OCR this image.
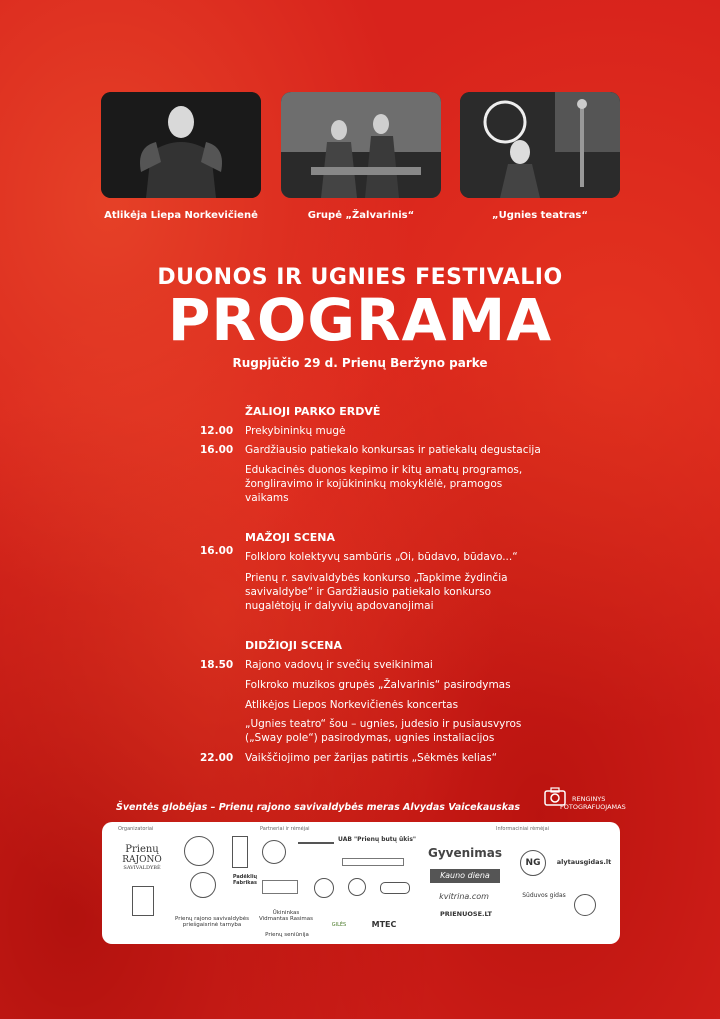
Atlikėja Liepa Norkevičienė	Grupė „Žalvarinis“	„Ugnies teatras“
DUONOS IR UGNIES FESTIVALIO
PROGRAMA
Rugpjūčio 29 d. Prienų Beržyno parke
ŽALIOJI PARKO ERDVĖ
12.00 Prekybininkų mugė
16.00 Gardžiausio patiekalo konkursas ir patiekalų degustacija
Edukacinės duonos kepimo ir kitų amatų programos, žongliravimo ir kojūkininkų mokyklėlė, pramogos vaikams
MAŽOJI SCENA
16.00 Folkloro kolektyvų sambūris „Oi, būdavo, būdavo...“
Prienų r. savivaldybės konkurso „Tapkime žydinčia savivaldybe“ ir Gardžiausio patiekalo konkurso nugalėtojų ir dalyvių apdovanojimai
DIDŽIOJI SCENA
18.50 Rajono vadovų ir svečių sveikinimai
Folkroko muzikos grupės „Žalvarinis“ pasirodymas
Atlikėjos Liepos Norkevičienės koncertas
„Ugnies teatro“ šou – ugnies, judesio ir pusiausvyros („Sway pole“) pasirodymas, ugnies instaliacijos
22.00 Vaikščiojimo per žarijas patirtis „Sėkmės kelias“
Šventės globėjas – Prienų rajono savivaldybės meras Alvydas Vaicekauskas
RENGINYS
FOTOGRAFUOJAMAS
Organizatoriai	Partneriai ir rėmėjai	Informaciniai rėmėjai
Prienų
RAJONO
SAVIVALDYBĖ
UAB "Prienų butų ūkis"
Padėklių Fabrikas
Prienų rajono savivaldybės priešgaisrinė tarnyba
Ūkininkas Vidmantas Rasimas
Prienų seniūnija
GILĖS	MTEC
Gyvenimas
Kauno diena
kvitrina.com
PRIENUOSE.LT
NG	alytausgidas.lt
Sūduvos gidas
